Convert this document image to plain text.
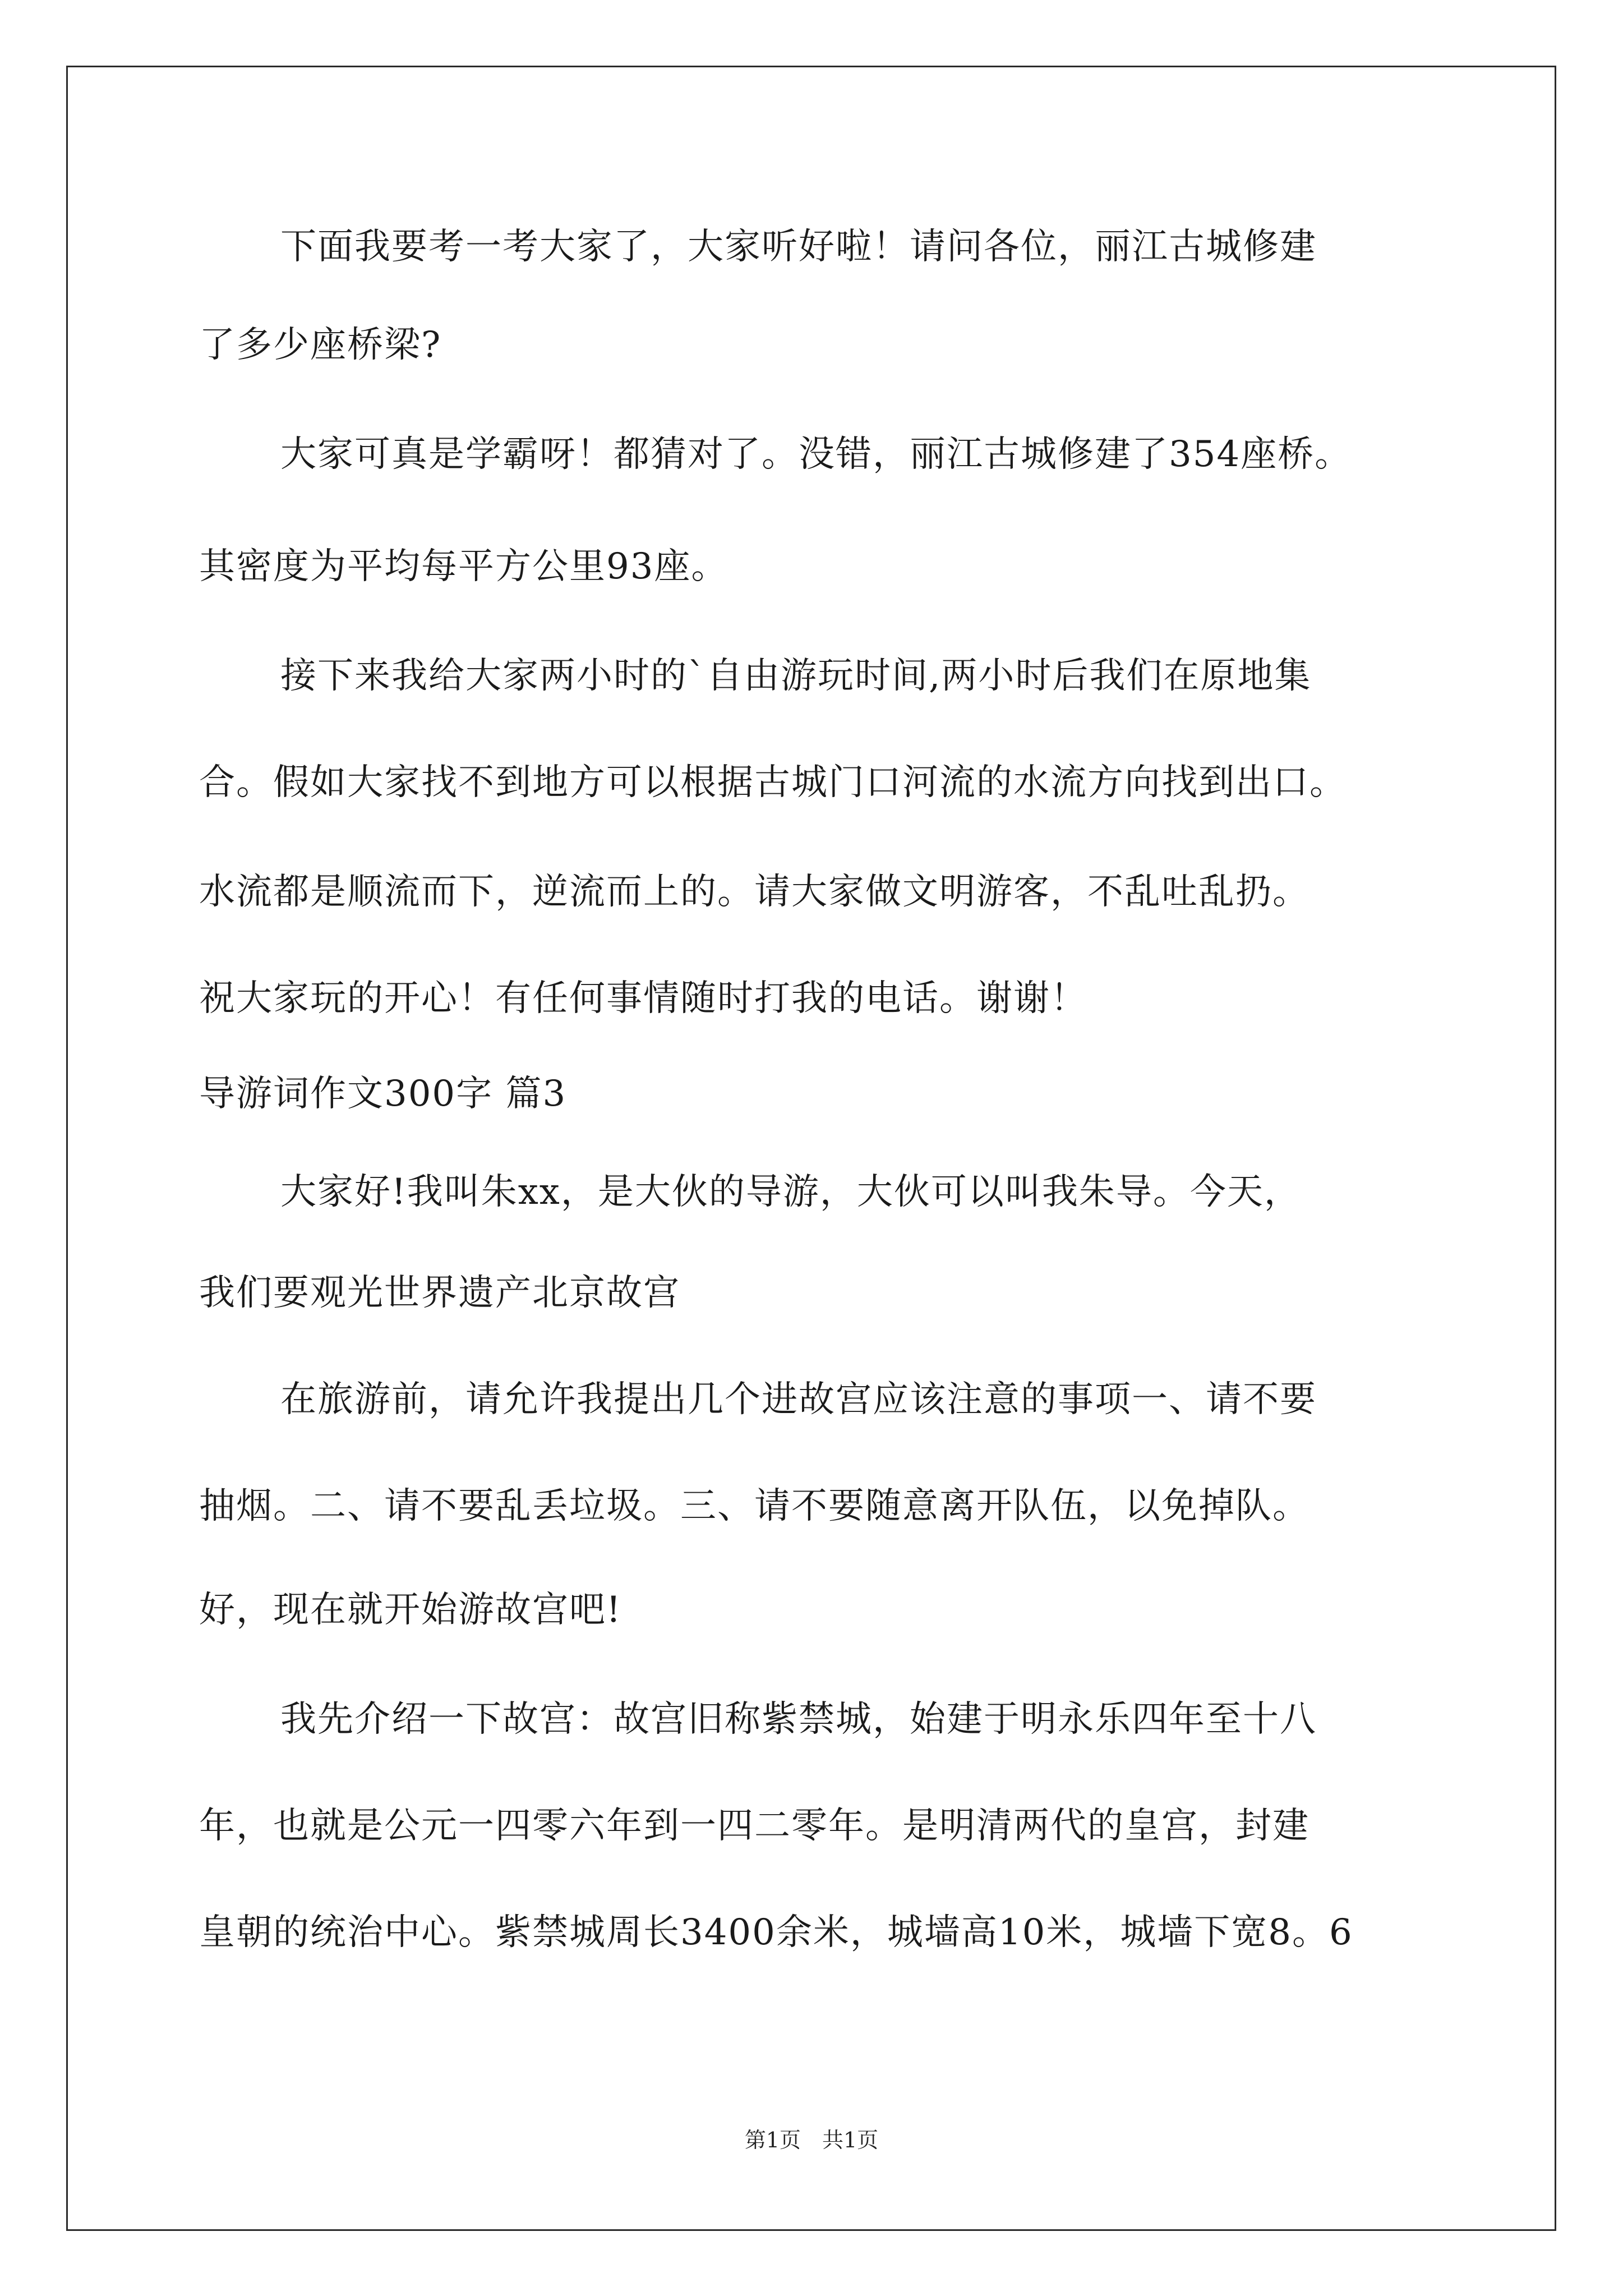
下面我要考一考大家了，大家听好啦！请问各位，丽江古城修建
了多少座桥梁?
大家可真是学霸呀！都猜对了。没错，丽江古城修建了354座桥。
其密度为平均每平方公里93座。
接下来我给大家两小时的`自由游玩时间,两小时后我们在原地集
合。假如大家找不到地方可以根据古城门口河流的水流方向找到出口。
水流都是顺流而下，逆流而上的。请大家做文明游客，不乱吐乱扔。
祝大家玩的开心！有任何事情随时打我的电话。谢谢！
导游词作文300字 篇3
大家好!我叫朱xx，是大伙的导游，大伙可以叫我朱导。今天，
我们要观光世界遗产北京故宫
在旅游前，请允许我提出几个进故宫应该注意的事项一、请不要
抽烟。二、请不要乱丢垃圾。三、请不要随意离开队伍，以免掉队。
好，现在就开始游故宫吧!
我先介绍一下故宫：故宫旧称紫禁城，始建于明永乐四年至十八
年，也就是公元一四零六年到一四二零年。是明清两代的皇宫，封建
皇朝的统治中心。紫禁城周长3400余米，城墙高10米，城墙下宽8。6
第1页　共1页
